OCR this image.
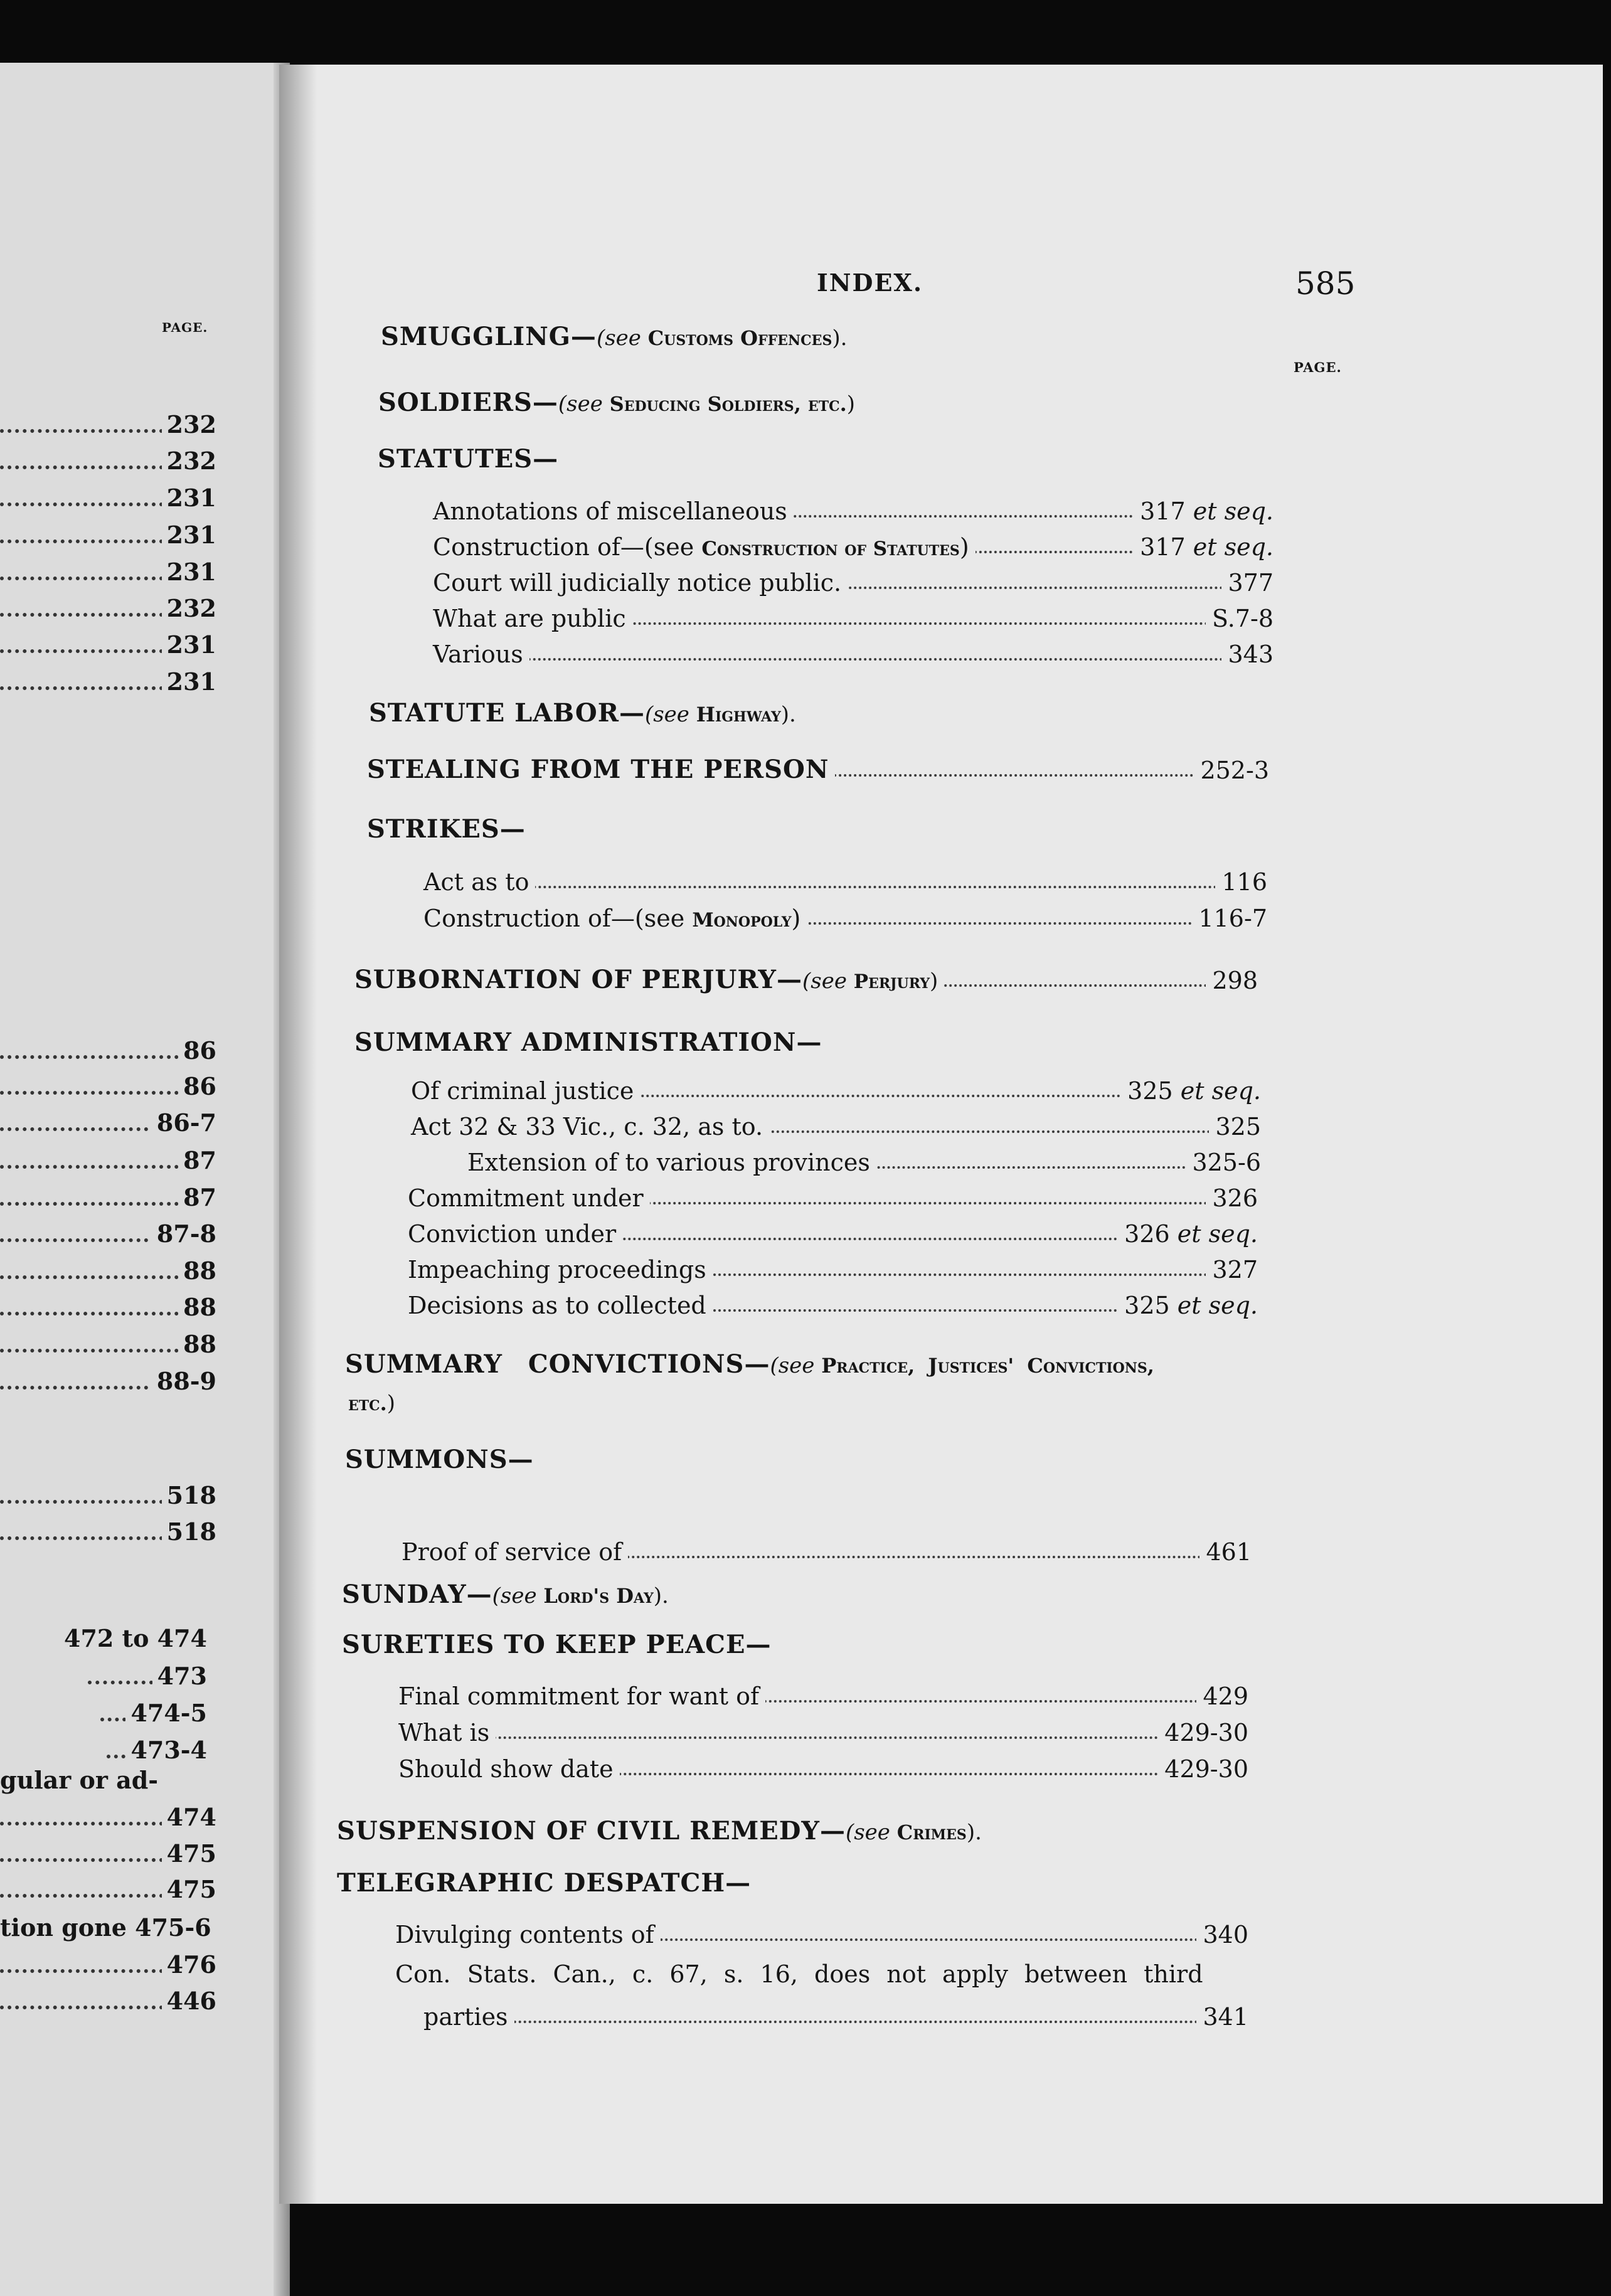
PAGE.
232
232
231
231
231
232
231
231
86
86
86-7
87
87
87-8
88
88
88
88-9
518
518
472 to 474
473
474-5
473-4
474
475
475
476
446
gular or ad-
tion gone 475-6
INDEX.	585
PAGE.
SMUGGLING—(see Customs Offences).
SOLDIERS—(see Seducing Soldiers, etc.)
STATUTES—
Annotations of miscellaneous	317 et seq.
Construction of—(see Construction of Statutes)	317 et seq.
Court will judicially notice public.	377
What are public	S.7-8
Various	343
STATUTE LABOR—(see Highway).
STEALING FROM THE PERSON	252-3
STRIKES—
Act as to	116
Construction of—(see Monopoly)	116-7
SUBORNATION OF PERJURY—(see Perjury)	298
SUMMARY ADMINISTRATION—
Of criminal justice	325 et seq.
Act 32 & 33 Vic., c. 32, as to.	325
Extension of to various provinces	325-6
Commitment under	326
Conviction under	326 et seq.
Impeaching proceedings	327
Decisions as to collected	325 et seq.
SUMMARY CONVICTIONS—(see Practice, Justices' Convictions,
etc.)
SUMMONS—
Proof of service of	461
SUNDAY—(see Lord's Day).
SURETIES TO KEEP PEACE—
Final commitment for want of	429
What is	429-30
Should show date	429-30
SUSPENSION OF CIVIL REMEDY—(see Crimes).
TELEGRAPHIC DESPATCH—
Divulging contents of	340
Con. Stats. Can., c. 67, s. 16, does not apply between third
parties	341
